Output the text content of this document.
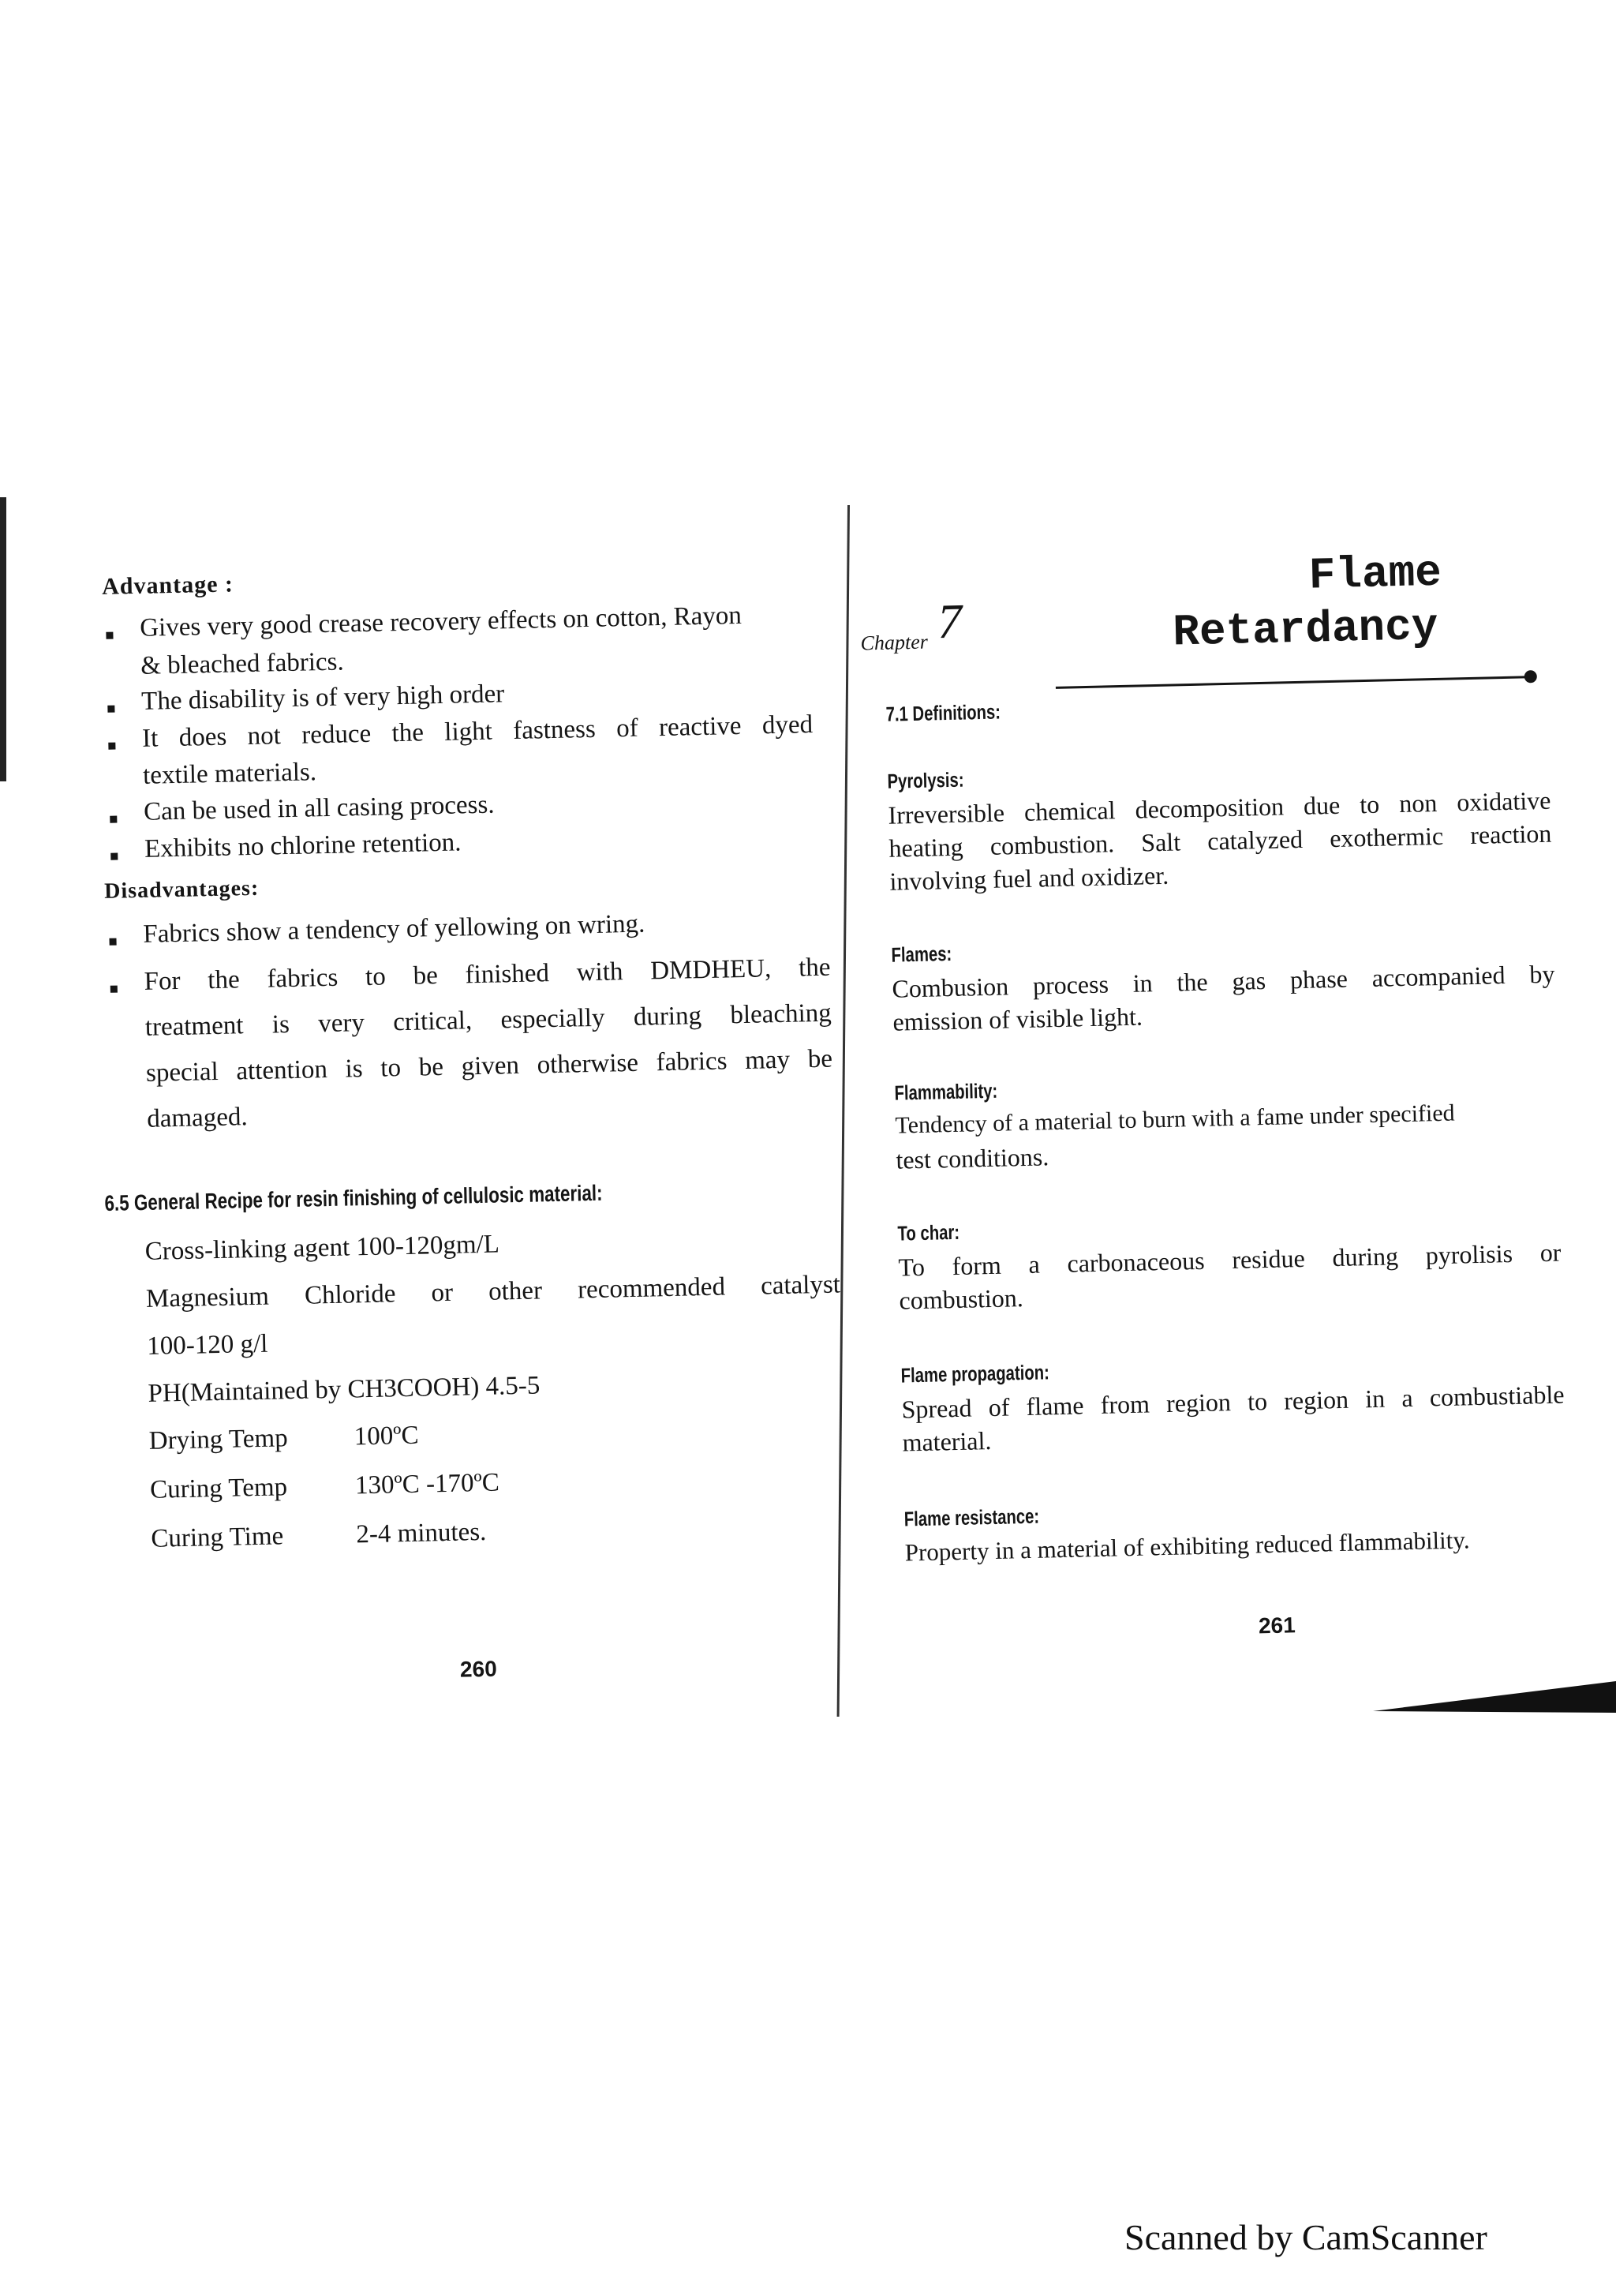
Advantage :
Gives very good crease recovery effects on cotton, Rayon
& bleached fabrics.
The disability is of very high order
It does not reduce the light fastness of reactive dyed
textile materials.
Can be used in all casing process.
Exhibits no chlorine retention.
Disadvantages:
Fabrics show a tendency of yellowing on wring.
For the fabrics to be finished with DMDHEU, the
treatment is very critical, especially during bleaching
special attention is to be given otherwise fabrics may be
damaged.
6.5 General Recipe for resin finishing of cellulosic material:
Cross-linking agent 100-120gm/L
Magnesium Chloride or other recommended catalyst
100-120 g/l
PH(Maintained by CH3COOH) 4.5-5
Drying Temp	100ºC
Curing Temp	130ºC -170ºC
Curing Time	2-4 minutes.
260
Chapter 7
Flame
Retardancy
7.1 Definitions:
Pyrolysis:
Irreversible chemical decomposition due to non oxidative
heating combustion. Salt catalyzed exothermic reaction
involving fuel and oxidizer.
Flames:
Combusion process in the gas phase accompanied by
emission of visible light.
Flammability:
Tendency of a material to burn with a fame under specified
test conditions.
To char:
To form a carbonaceous residue during pyrolisis or
combustion.
Flame propagation:
Spread of flame from region to region in a combustiable
material.
Flame resistance:
Property in a material of exhibiting reduced flammability.
261
Scanned by CamScanner
